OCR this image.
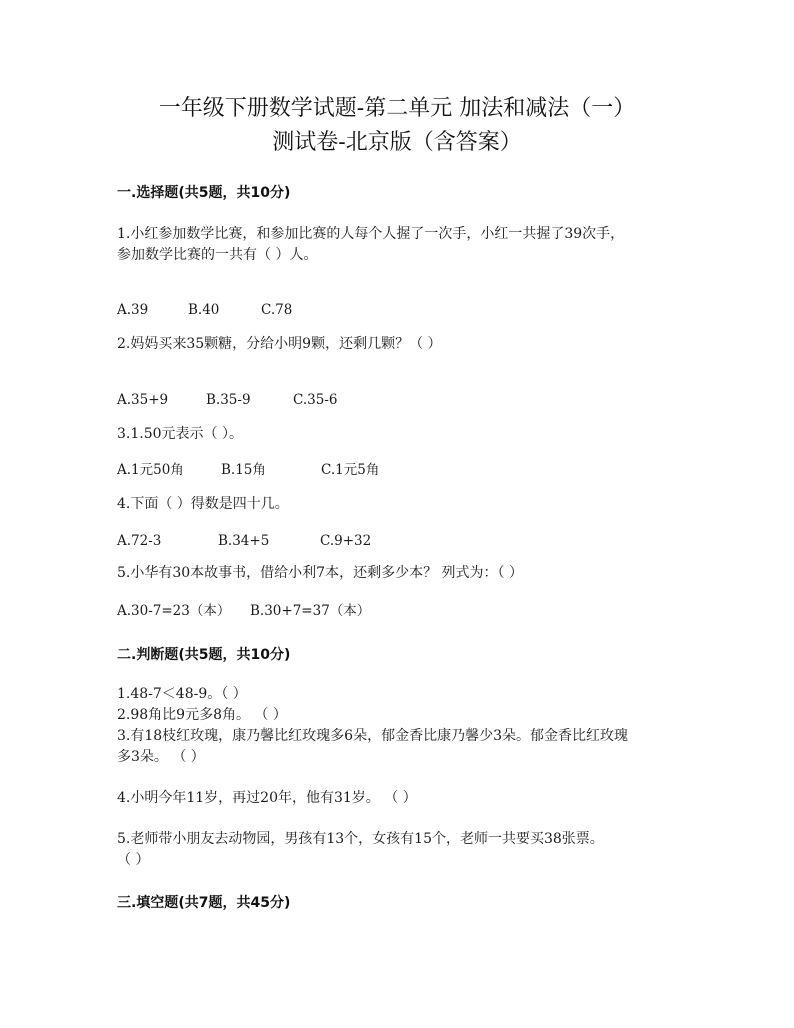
一年级下册数学试题-第二单元 加法和减法（一）
测试卷-北京版（含答案）
一.选择题(共5题，共10分)
1.小红参加数学比赛，和参加比赛的人每个人握了一次手，小红一共握了39次手，
参加数学比赛的一共有（ ）人。
A.39	B.40	C.78
2.妈妈买来35颗糖，分给小明9颗，还剩几颗？（ ）
A.35+9	B.35-9	C.35-6
3.1.50元表示（ ）。
A.1元50角	B.15角	C.1元5角
4.下面（ ）得数是四十几。
A.72-3	B.34+5	C.9+32
5.小华有30本故事书，借给小利7本，还剩多少本？ 列式为：（ ）
A.30-7=23（本） B.30+7=37（本）
二.判断题(共5题，共10分)
1.48-7＜48-9。（ ）
2.98角比9元多8角。 （ ）
3.有18枝红玫瑰，康乃馨比红玫瑰多6朵，郁金香比康乃馨少3朵。郁金香比红玫瑰
多3朵。 （ ）
4.小明今年11岁，再过20年，他有31岁。 （ ）
5.老师带小朋友去动物园，男孩有13个，女孩有15个，老师一共要买38张票。
（ ）
三.填空题(共7题，共45分)
